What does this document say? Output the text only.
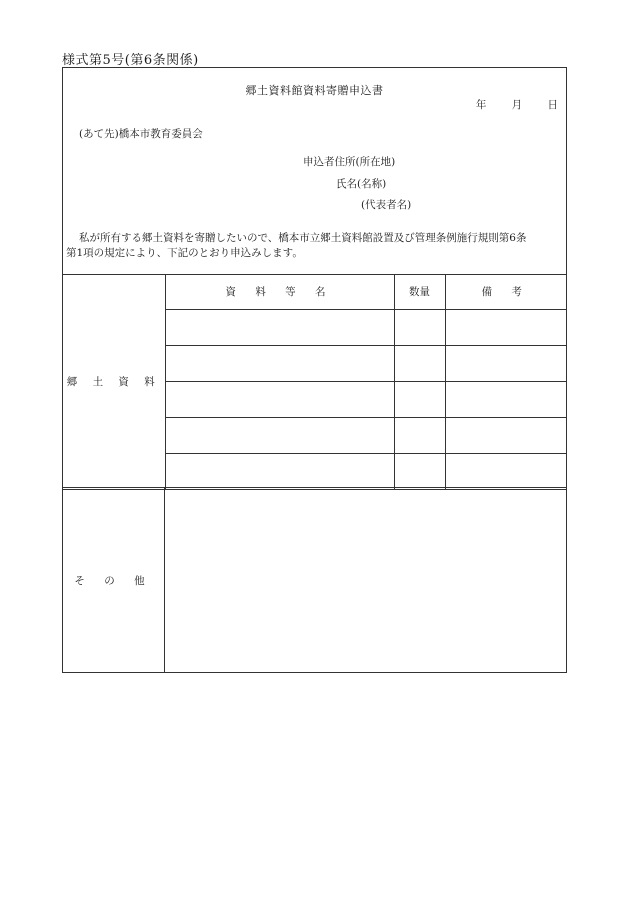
様式第5号(第6条関係)
郷土資料館資料寄贈申込書
年 月 日
(あて先)橋本市教育委員会
申込者住所(所在地)
氏名(名称)
(代表者名)
私が所有する郷土資料を寄贈したいので、橋本市立郷土資料館設置及び管理条例施行規則第6条
第1項の規定により、下記のとおり申込みします。
郷 土 資 料	資 料 等 名	数量	備 考

そ の 他
